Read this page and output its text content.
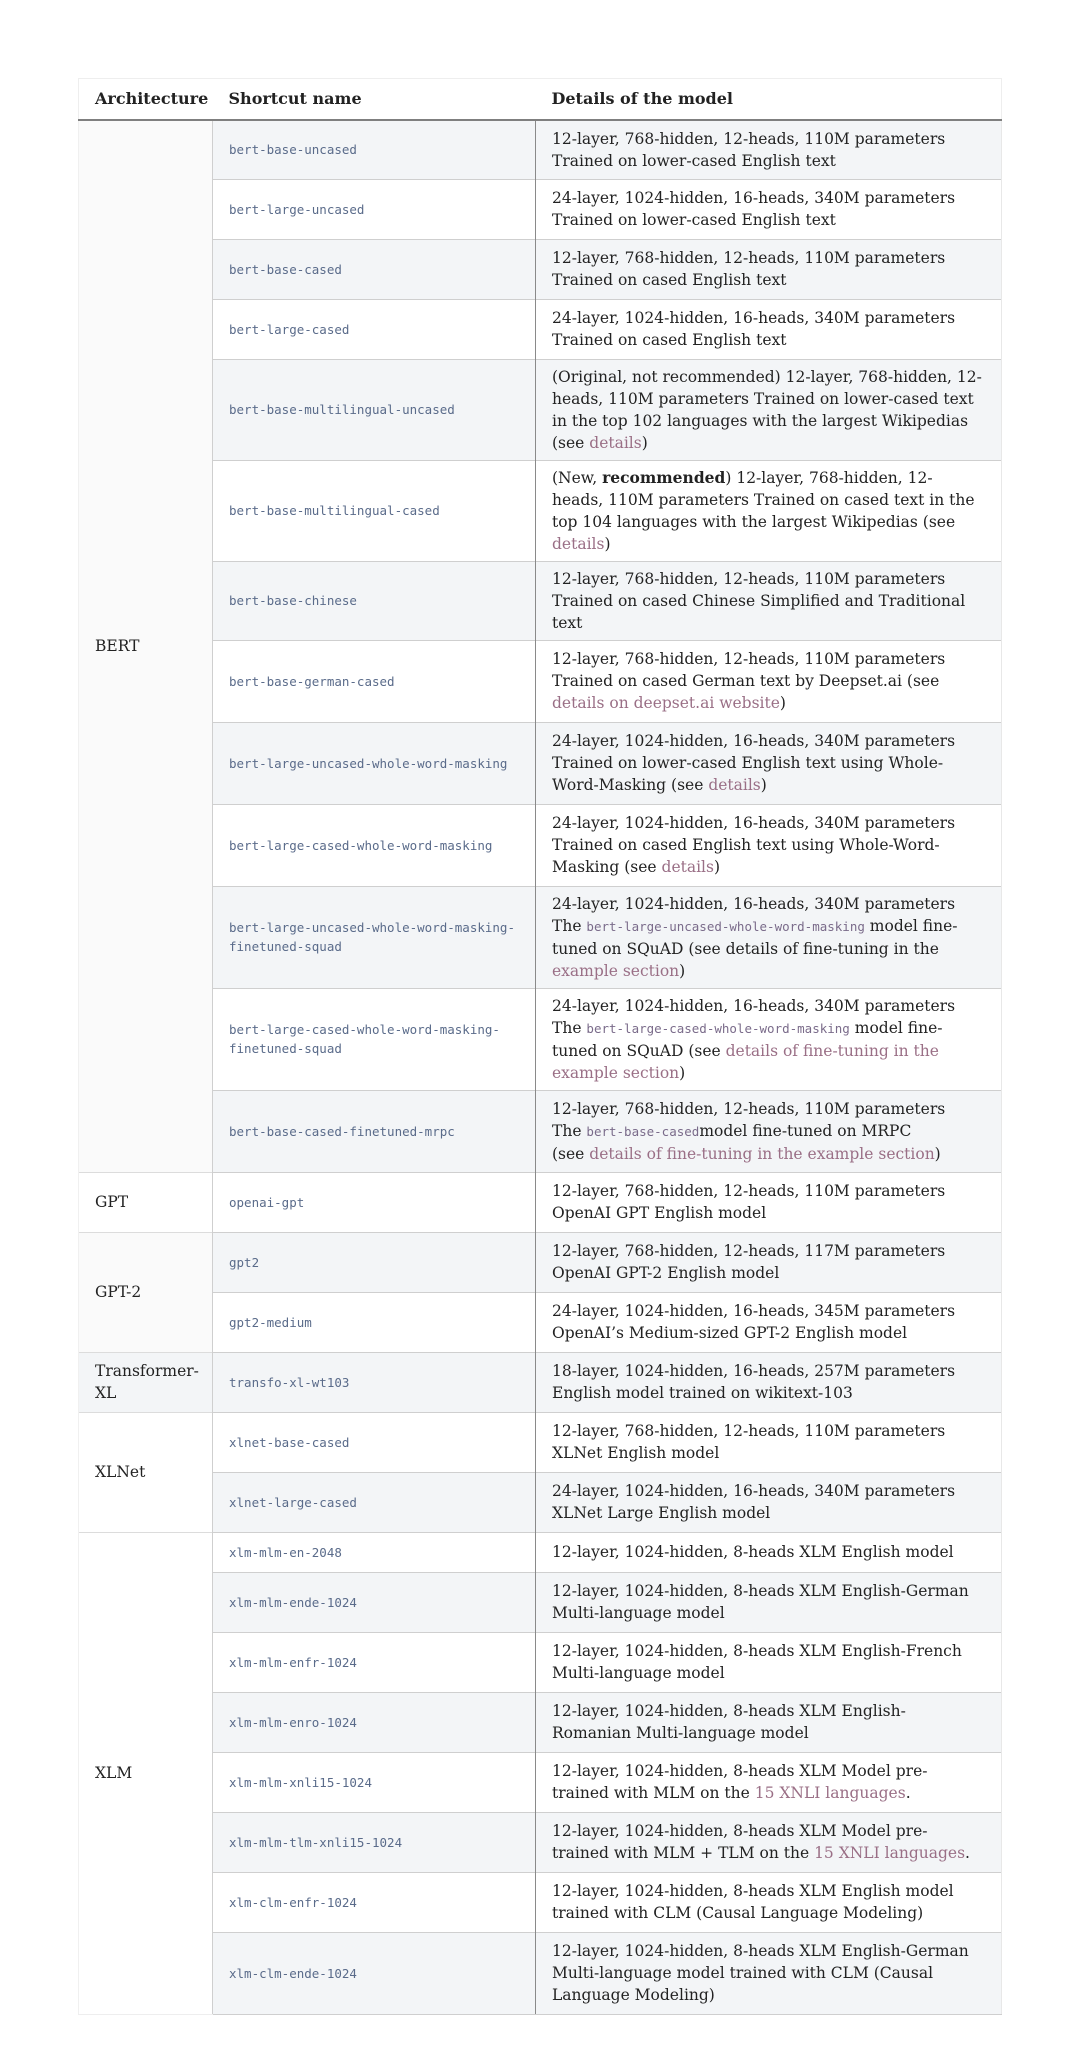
Architecture	Shortcut name	Details of the model
BERT	bert-base-uncased	12-layer, 768-hidden, 12-heads, 110M parameters Trained on lower-cased English text
	bert-large-uncased	24-layer, 1024-hidden, 16-heads, 340M parameters Trained on lower-cased English text
	bert-base-cased	12-layer, 768-hidden, 12-heads, 110M parameters Trained on cased English text
	bert-large-cased	24-layer, 1024-hidden, 16-heads, 340M parameters Trained on cased English text
	bert-base-multilingual-uncased	(Original, not recommended) 12-layer, 768-hidden, 12-heads, 110M parameters Trained on lower-cased text in the top 102 languages with the largest Wikipedias (see details)
	bert-base-multilingual-cased	(New, recommended) 12-layer, 768-hidden, 12-heads, 110M parameters Trained on cased text in the top 104 languages with the largest Wikipedias (see details)
	bert-base-chinese	12-layer, 768-hidden, 12-heads, 110M parameters Trained on cased Chinese Simplified and Traditional text
	bert-base-german-cased	12-layer, 768-hidden, 12-heads, 110M parameters Trained on cased German text by Deepset.ai (see details on deepset.ai website)
	bert-large-uncased-whole-word-masking	24-layer, 1024-hidden, 16-heads, 340M parameters Trained on lower-cased English text using Whole-Word-Masking (see details)
	bert-large-cased-whole-word-masking	24-layer, 1024-hidden, 16-heads, 340M parameters Trained on cased English text using Whole-Word-Masking (see details)
	bert-large-uncased-whole-word-masking-finetuned-squad	24-layer, 1024-hidden, 16-heads, 340M parameters
The bert-large-uncased-whole-word-masking model fine-tuned on SQuAD (see details of fine-tuning in the example section)
	bert-large-cased-whole-word-masking-finetuned-squad	24-layer, 1024-hidden, 16-heads, 340M parameters
The bert-large-cased-whole-word-masking model fine-tuned on SQuAD (see details of fine-tuning in the example section)
	bert-base-cased-finetuned-mrpc	12-layer, 768-hidden, 12-heads, 110M parameters
The bert-base-casedmodel fine-tuned on MRPC
(see details of fine-tuning in the example section)
GPT	openai-gpt	12-layer, 768-hidden, 12-heads, 110M parameters OpenAI GPT English model
GPT-2	gpt2	12-layer, 768-hidden, 12-heads, 117M parameters OpenAI GPT-2 English model
	gpt2-medium	24-layer, 1024-hidden, 16-heads, 345M parameters OpenAI’s Medium-sized GPT-2 English model
Transformer-XL	transfo-xl-wt103	18-layer, 1024-hidden, 16-heads, 257M parameters English model trained on wikitext-103
XLNet	xlnet-base-cased	12-layer, 768-hidden, 12-heads, 110M parameters XLNet English model
	xlnet-large-cased	24-layer, 1024-hidden, 16-heads, 340M parameters XLNet Large English model
XLM	xlm-mlm-en-2048	12-layer, 1024-hidden, 8-heads XLM English model
	xlm-mlm-ende-1024	12-layer, 1024-hidden, 8-heads XLM English-German Multi-language model
	xlm-mlm-enfr-1024	12-layer, 1024-hidden, 8-heads XLM English-French Multi-language model
	xlm-mlm-enro-1024	12-layer, 1024-hidden, 8-heads XLM English-Romanian Multi-language model
	xlm-mlm-xnli15-1024	12-layer, 1024-hidden, 8-heads XLM Model pre-trained with MLM on the 15 XNLI languages.
	xlm-mlm-tlm-xnli15-1024	12-layer, 1024-hidden, 8-heads XLM Model pre-trained with MLM + TLM on the 15 XNLI languages.
	xlm-clm-enfr-1024	12-layer, 1024-hidden, 8-heads XLM English model trained with CLM (Causal Language Modeling)
	xlm-clm-ende-1024	12-layer, 1024-hidden, 8-heads XLM English-German Multi-language model trained with CLM (Causal Language Modeling)
